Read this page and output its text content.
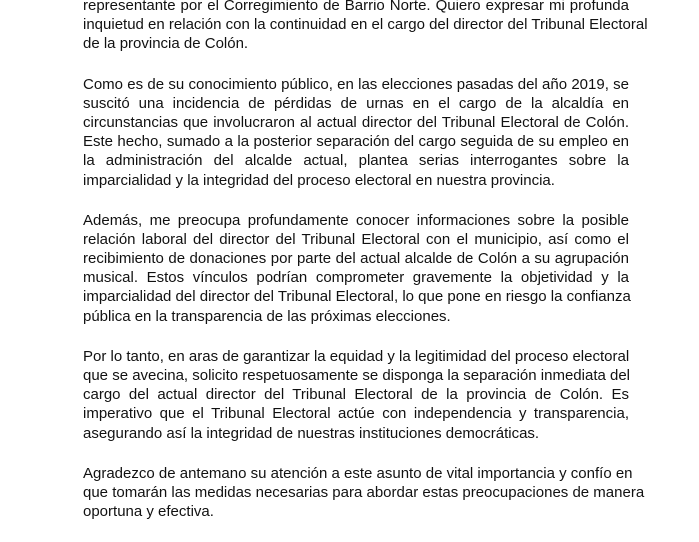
representante por el Corregimiento de Barrio Norte. Quiero expresar mi profunda
inquietud en relación con la continuidad en el cargo del director del Tribunal Electoral
de la provincia de Colón.

Como es de su conocimiento público, en las elecciones pasadas del año 2019, se
suscitó una incidencia de pérdidas de urnas en el cargo de la alcaldía en
circunstancias que involucraron al actual director del Tribunal Electoral de Colón.
Este hecho, sumado a la posterior separación del cargo seguida de su empleo en
la administración del alcalde actual, plantea serias interrogantes sobre la
imparcialidad y la integridad del proceso electoral en nuestra provincia.

Además, me preocupa profundamente conocer informaciones sobre la posible
relación laboral del director del Tribunal Electoral con el municipio, así como el
recibimiento de donaciones por parte del actual alcalde de Colón a su agrupación
musical. Estos vínculos podrían comprometer gravemente la objetividad y la
imparcialidad del director del Tribunal Electoral, lo que pone en riesgo la confianza
pública en la transparencia de las próximas elecciones.

Por lo tanto, en aras de garantizar la equidad y la legitimidad del proceso electoral
que se avecina, solicito respetuosamente se disponga la separación inmediata del
cargo del actual director del Tribunal Electoral de la provincia de Colón. Es
imperativo que el Tribunal Electoral actúe con independencia y transparencia,
asegurando así la integridad de nuestras instituciones democráticas.

Agradezco de antemano su atención a este asunto de vital importancia y confío en
que tomarán las medidas necesarias para abordar estas preocupaciones de manera
oportuna y efectiva.
